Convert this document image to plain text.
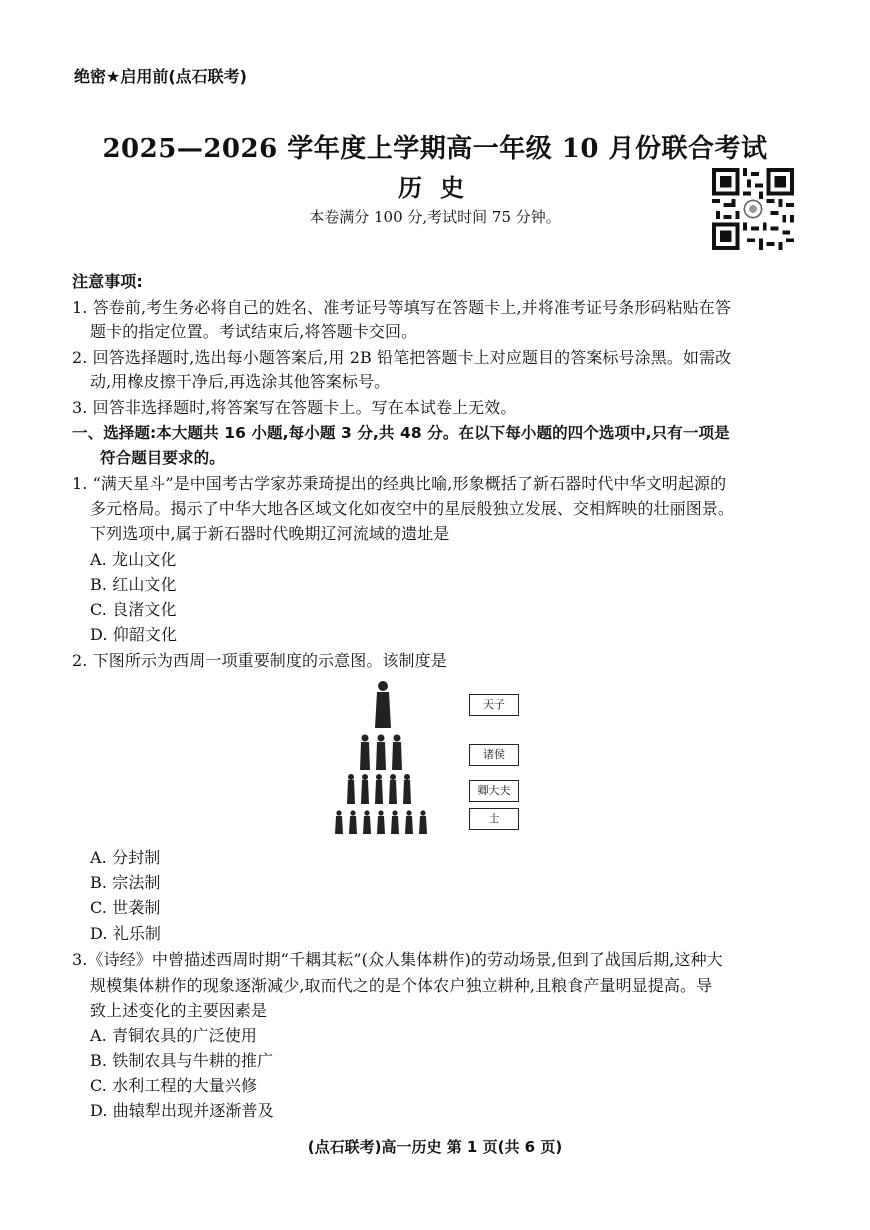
绝密★启用前(点石联考)
2025—2026 学年度上学期高一年级 10 月份联合考试
历史
本卷满分 100 分,考试时间 75 分钟。
注意事项:
1. 答卷前,考生务必将自己的姓名、准考证号等填写在答题卡上,并将准考证号条形码粘贴在答
题卡的指定位置。考试结束后,将答题卡交回。
2. 回答选择题时,选出每小题答案后,用 2B 铅笔把答题卡上对应题目的答案标号涂黑。如需改
动,用橡皮擦干净后,再选涂其他答案标号。
3. 回答非选择题时,将答案写在答题卡上。写在本试卷上无效。
一、选择题:本大题共 16 小题,每小题 3 分,共 48 分。在以下每小题的四个选项中,只有一项是
符合题目要求的。
1. “满天星斗”是中国考古学家苏秉琦提出的经典比喻,形象概括了新石器时代中华文明起源的
多元格局。揭示了中华大地各区域文化如夜空中的星辰般独立发展、交相辉映的壮丽图景。
下列选项中,属于新石器时代晚期辽河流域的遗址是
A. 龙山文化
B. 红山文化
C. 良渚文化
D. 仰韶文化
2. 下图所示为西周一项重要制度的示意图。该制度是
天子
诸侯
卿大夫
士
A. 分封制
B. 宗法制
C. 世袭制
D. 礼乐制
3.《诗经》中曾描述西周时期“千耦其耘”(众人集体耕作)的劳动场景,但到了战国后期,这种大
规模集体耕作的现象逐渐减少,取而代之的是个体农户独立耕种,且粮食产量明显提高。导
致上述变化的主要因素是
A. 青铜农具的广泛使用
B. 铁制农具与牛耕的推广
C. 水利工程的大量兴修
D. 曲辕犁出现并逐渐普及
(点石联考)高一历史 第 1 页(共 6 页)
